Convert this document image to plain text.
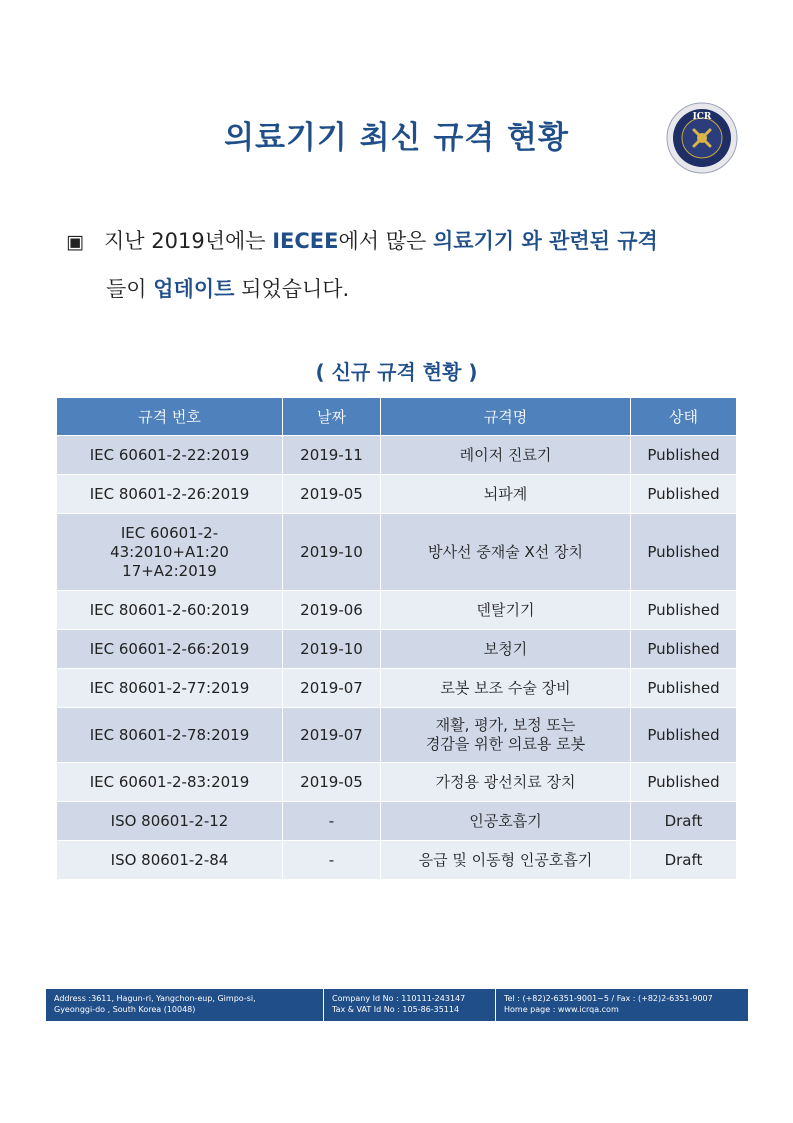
의료기기 최신 규격 현황
ICR
▣ 지난 2019년에는 IECEE에서 많은 의료기기 와 관련된 규격
들이 업데이트 되었습니다.
( 신규 규격 현황 )
규격 번호	날짜	규격명	상태
IEC 60601-2-22:2019	2019-11	레이저 진료기	Published
IEC 80601-2-26:2019	2019-05	뇌파계	Published

IEC 60601-2-43:2010+A1:20
17+A2:2019	2019-10	방사선 중재술 X선 장치	Published
IEC 80601-2-60:2019	2019-06	덴탈기기	Published
IEC 60601-2-66:2019	2019-10	보청기	Published
IEC 80601-2-77:2019	2019-07	로봇 보조 수술 장비	Published
IEC 80601-2-78:2019	2019-07	재활, 평가, 보정 또는
경감을 위한 의료용 로봇	Published
IEC 60601-2-83:2019	2019-05	가정용 광선치료 장치	Published
ISO 80601-2-12	-	인공호흡기	Draft
ISO 80601-2-84	-	응급 및 이동형 인공호흡기	Draft
Address :3611, Hagun-ri, Yangchon-eup, Gimpo-si,
Gyeonggi-do , South Korea (10048)
Company Id No : 110111-243147
Tax & VAT Id No : 105-86-35114
Tel : (+82)2-6351-9001~5 / Fax : (+82)2-6351-9007
Home page : www.icrqa.com
